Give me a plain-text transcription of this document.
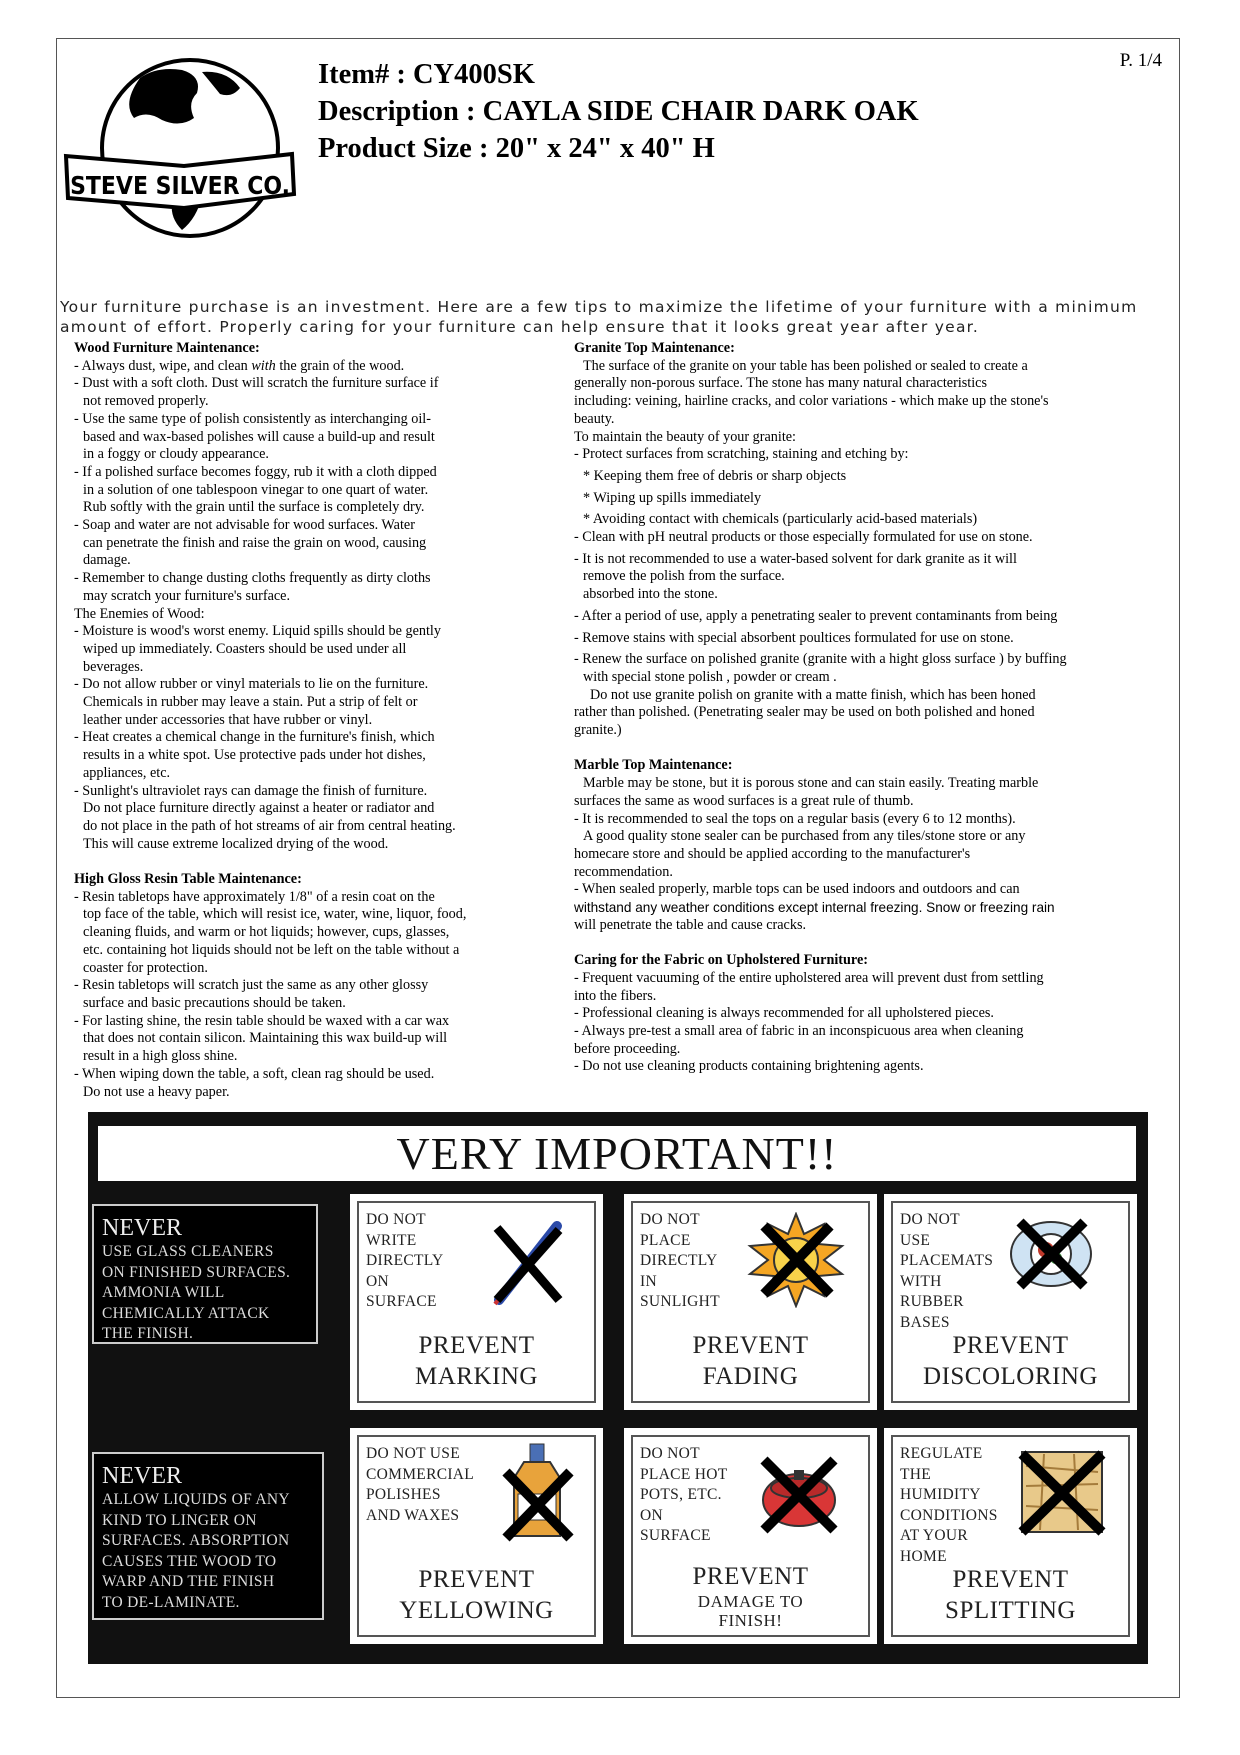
P. 1/4
STEVE SILVER CO.
Item# : CY400SK
Description : CAYLA SIDE CHAIR DARK OAK
Product Size : 20" x 24" x 40" H
Your furniture purchase is an investment. Here are a few tips to maximize the lifetime of your furniture with a minimum amount of effort. Properly caring for your furniture can help ensure that it looks great year after year.
Wood Furniture Maintenance:
- Always dust, wipe, and clean with the grain of the wood.
- Dust with a soft cloth. Dust will scratch the furniture surface if
not removed properly.
- Use the same type of polish consistently as interchanging oil-
based and wax-based polishes will cause a build-up and result
in a foggy or cloudy appearance.
- If a polished surface becomes foggy, rub it with a cloth dipped
in a solution of one tablespoon vinegar to one quart of water.
Rub softly with the grain until the surface is completely dry.
- Soap and water are not advisable for wood surfaces. Water
can penetrate the finish and raise the grain on wood, causing
damage.
- Remember to change dusting cloths frequently as dirty cloths
may scratch your furniture's surface.
The Enemies of Wood:
- Moisture is wood's worst enemy. Liquid spills should be gently
wiped up immediately. Coasters should be used under all
beverages.
- Do not allow rubber or vinyl materials to lie on the furniture.
Chemicals in rubber may leave a stain. Put a strip of felt or
leather under accessories that have rubber or vinyl.
- Heat creates a chemical change in the furniture's finish, which
results in a white spot. Use protective pads under hot dishes,
appliances, etc.
- Sunlight's ultraviolet rays can damage the finish of furniture.
Do not place furniture directly against a heater or radiator and
do not place in the path of hot streams of air from central heating.
This will cause extreme localized drying of the wood.
High Gloss Resin Table Maintenance:
- Resin tabletops have approximately 1/8" of a resin coat on the
top face of the table, which will resist ice, water, wine, liquor, food,
cleaning fluids, and warm or hot liquids; however, cups, glasses,
etc. containing hot liquids should not be left on the table without a
coaster for protection.
- Resin tabletops will scratch just the same as any other glossy
surface and basic precautions should be taken.
- For lasting shine, the resin table should be waxed with a car wax
that does not contain silicon. Maintaining this wax build-up will
result in a high gloss shine.
- When wiping down the table, a soft, clean rag should be used.
Do not use a heavy paper.
Granite Top Maintenance:
The surface of the granite on your table has been polished or sealed to create a
generally non-porous surface. The stone has many natural characteristics
including: veining, hairline cracks, and color variations - which make up the stone's
beauty.
To maintain the beauty of your granite:
- Protect surfaces from scratching, staining and etching by:
* Keeping them free of debris or sharp objects
* Wiping up spills immediately
* Avoiding contact with chemicals (particularly acid-based materials)
- Clean with pH neutral products or those especially formulated for use on stone.
- It is not recommended to use a water-based solvent for dark granite as it will
remove the polish from the surface.
absorbed into the stone.
- After a period of use, apply a penetrating sealer to prevent contaminants from being
- Remove stains with special absorbent poultices formulated for use on stone.
- Renew the surface on polished granite (granite with a hight gloss surface ) by buffing
with special stone polish , powder or cream .
Do not use granite polish on granite with a matte finish, which has been honed
rather than polished. (Penetrating sealer may be used on both polished and honed
granite.)
Marble Top Maintenance:
Marble may be stone, but it is porous stone and can stain easily. Treating marble
surfaces the same as wood surfaces is a great rule of thumb.
- It is recommended to seal the tops on a regular basis (every 6 to 12 months).
A good quality stone sealer can be purchased from any tiles/stone store or any
homecare store and should be applied according to the manufacturer's
recommendation.
- When sealed properly, marble tops can be used indoors and outdoors and can
withstand any weather conditions except internal freezing. Snow or freezing rain
will penetrate the table and cause cracks.
Caring for the Fabric on Upholstered Furniture:
- Frequent vacuuming of the entire upholstered area will prevent dust from settling
into the fibers.
- Professional cleaning is always recommended for all upholstered pieces.
- Always pre-test a small area of fabric in an inconspicuous area when cleaning
before proceeding.
- Do not use cleaning products containing brightening agents.
VERY IMPORTANT!!
NEVER
USE GLASS CLEANERS
ON FINISHED SURFACES.
AMMONIA WILL
CHEMICALLY ATTACK
THE FINISH.
NEVER
ALLOW LIQUIDS OF ANY
KIND TO LINGER ON
SURFACES. ABSORPTION
CAUSES THE WOOD TO
WARP AND THE FINISH
TO DE-LAMINATE.
DO NOT
WRITE
DIRECTLY
ON
SURFACE
PREVENT
MARKING
DO NOT
PLACE
DIRECTLY
IN
SUNLIGHT
PREVENT
FADING
DO NOT
USE
PLACEMATS
WITH
RUBBER
BASES
PREVENT
DISCOLORING
DO NOT USE
COMMERCIAL
POLISHES
AND WAXES
PREVENT
YELLOWING
DO NOT
PLACE HOT
POTS, ETC.
ON
SURFACE
PREVENT
DAMAGE TO
FINISH!
REGULATE
THE
HUMIDITY
CONDITIONS
AT YOUR
HOME
PREVENT
SPLITTING
